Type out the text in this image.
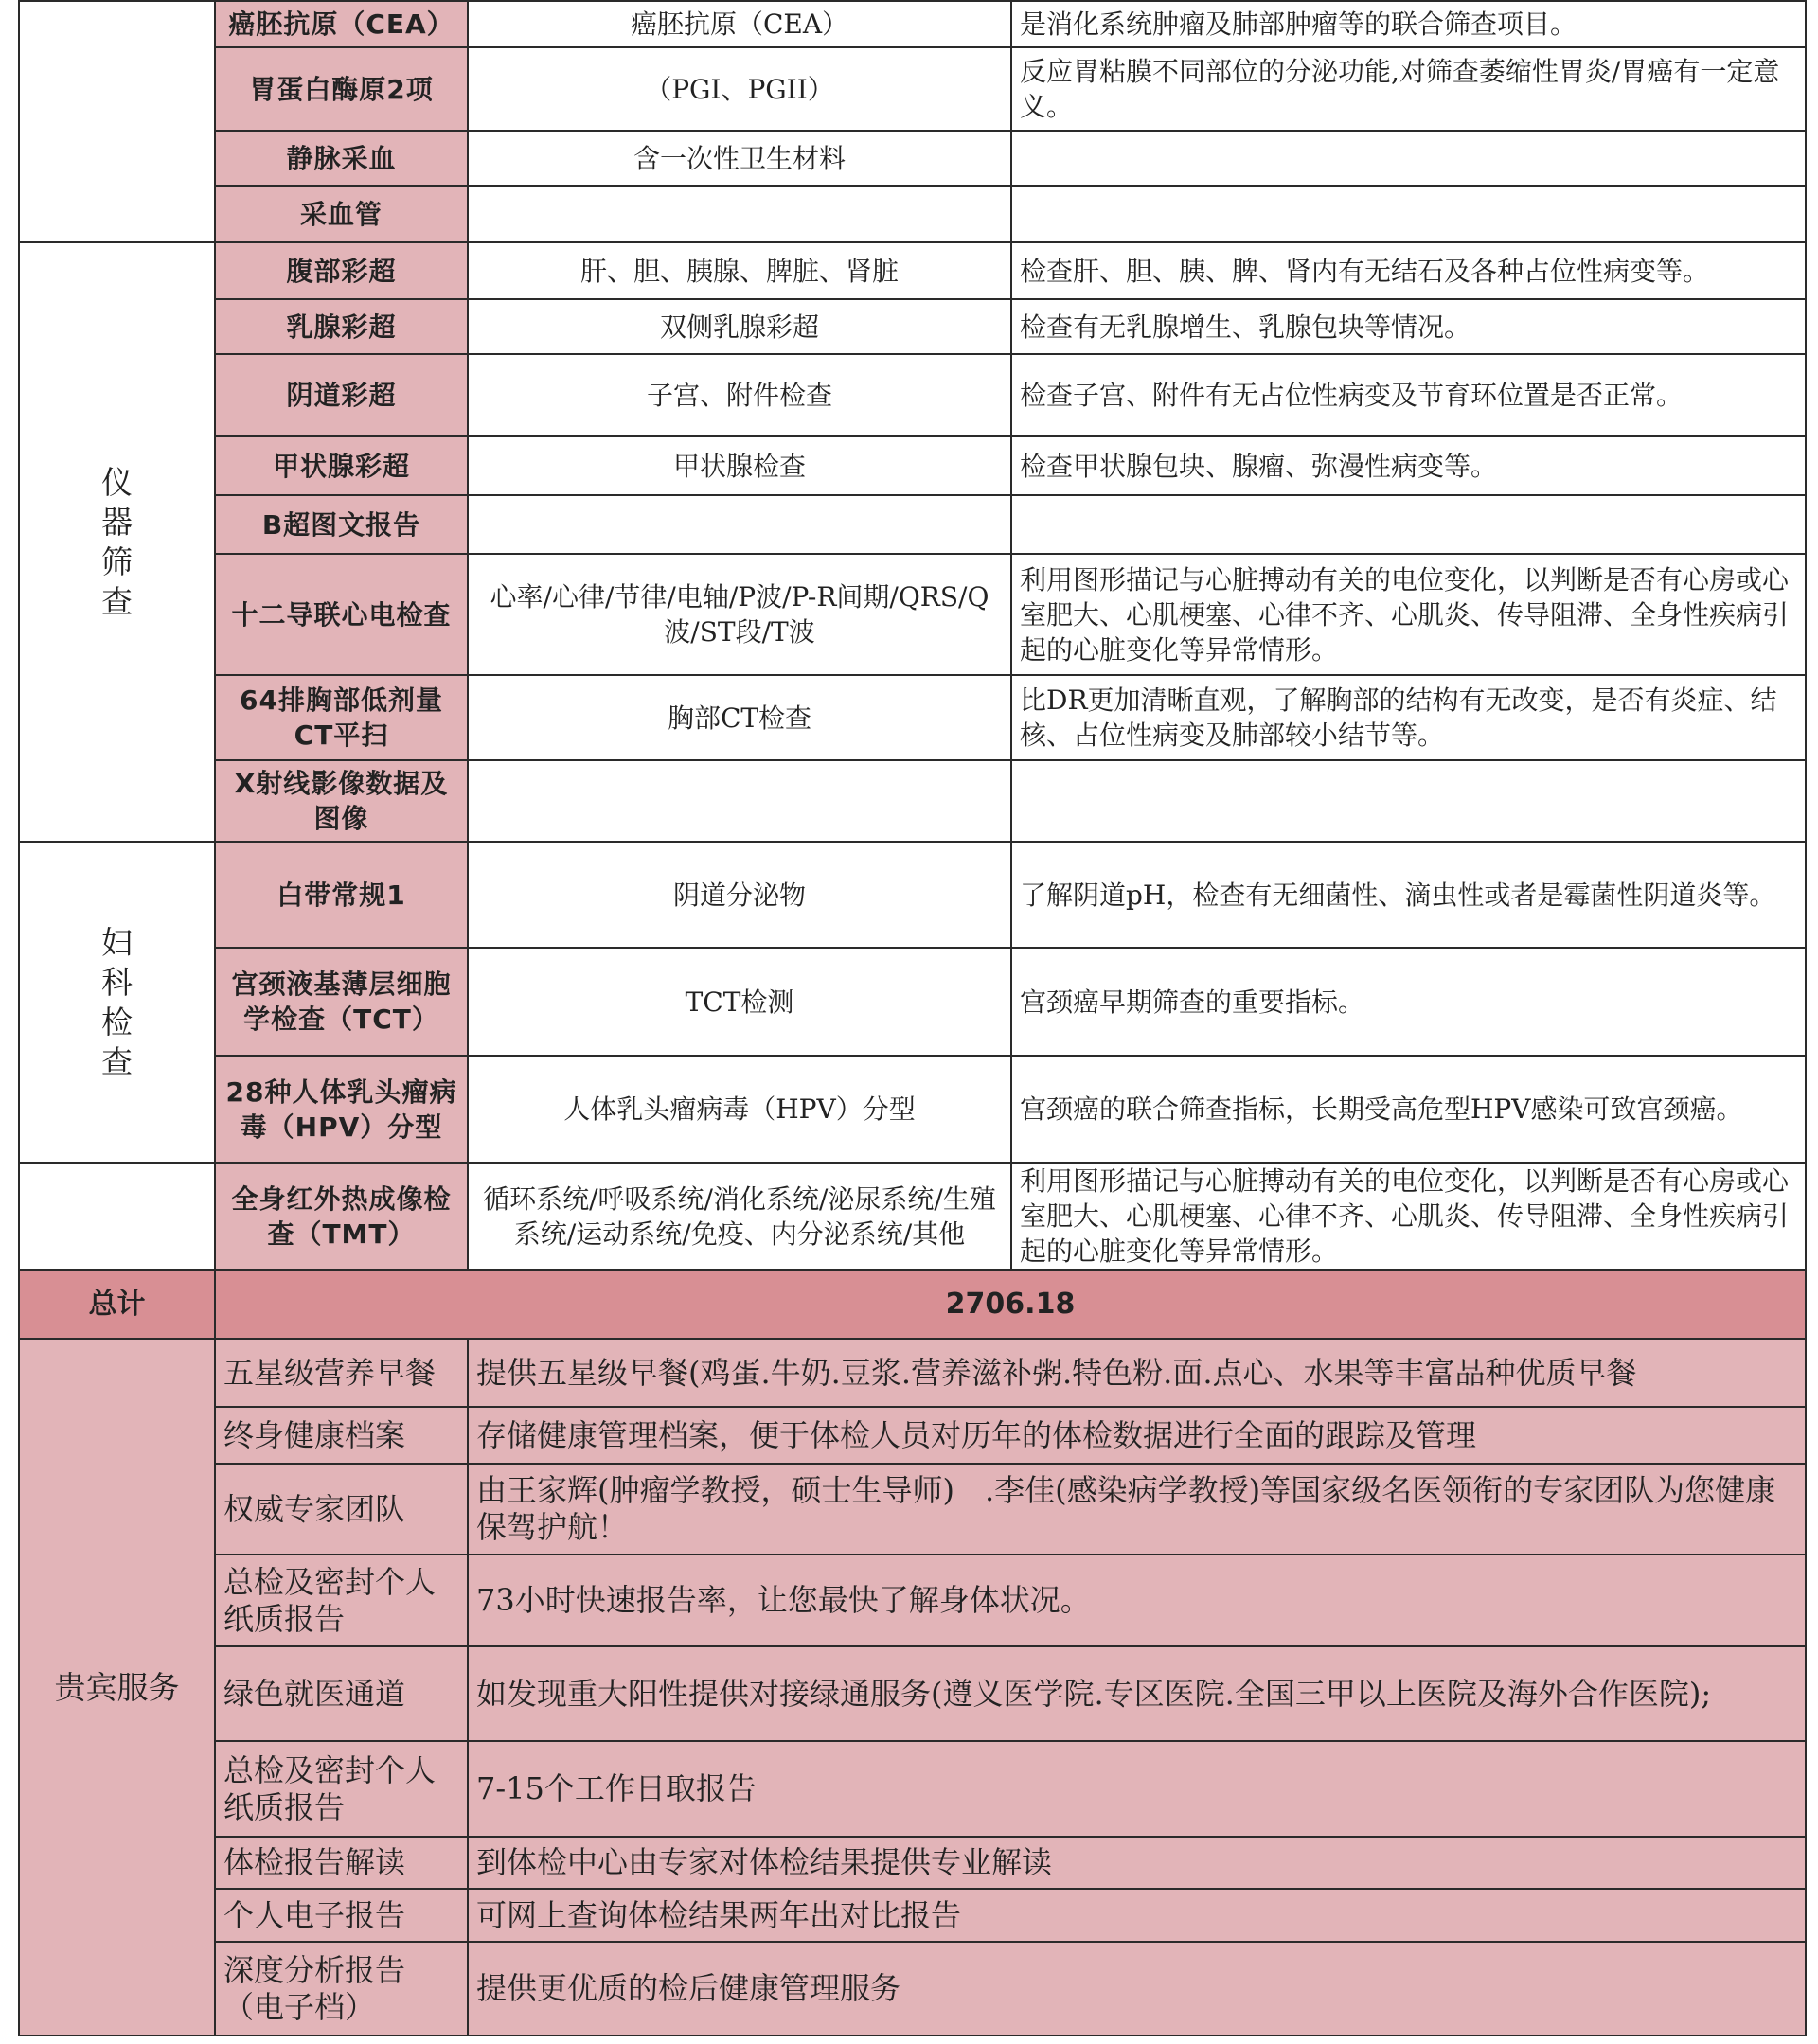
	癌胚抗原（CEA）	癌胚抗原（CEA）	是消化系统肿瘤及肺部肿瘤等的联合筛查项目。
	胃蛋白酶原2项	（PGI、PGII）	反应胃粘膜不同部位的分泌功能,对筛查萎缩性胃炎/胃癌有一定意义。
	静脉采血	含一次性卫生材料	
	采血管		
仪器筛查	腹部彩超	肝、胆、胰腺、脾脏、肾脏	检查肝、胆、胰、脾、肾内有无结石及各种占位性病变等。
	乳腺彩超	双侧乳腺彩超	检查有无乳腺增生、乳腺包块等情况。
	阴道彩超	子宫、附件检查	检查子宫、附件有无占位性病变及节育环位置是否正常。
	甲状腺彩超	甲状腺检查	检查甲状腺包块、腺瘤、弥漫性病变等。
	B超图文报告		
	十二导联心电检查	心率/心律/节律/电轴/P波/P-R间期/QRS/Q波/ST段/T波	利用图形描记与心脏搏动有关的电位变化，以判断是否有心房或心室肥大、心肌梗塞、心律不齐、心肌炎、传导阻滞、全身性疾病引起的心脏变化等异常情形。
	64排胸部低剂量CT平扫	胸部CT检查	比DR更加清晰直观，了解胸部的结构有无改变，是否有炎症、结核、占位性病变及肺部较小结节等。
	X射线影像数据及图像		
妇科检查	白带常规1	阴道分泌物	了解阴道pH，检查有无细菌性、滴虫性或者是霉菌性阴道炎等。
	宫颈液基薄层细胞学检查（TCT）	TCT检测	宫颈癌早期筛查的重要指标。
	28种人体乳头瘤病毒（HPV）分型	人体乳头瘤病毒（HPV）分型	宫颈癌的联合筛查指标，长期受高危型HPV感染可致宫颈癌。
	全身红外热成像检查（TMT）	循环系统/呼吸系统/消化系统/泌尿系统/生殖系统/运动系统/免疫、内分泌系统/其他	利用图形描记与心脏搏动有关的电位变化，以判断是否有心房或心室肥大、心肌梗塞、心律不齐、心肌炎、传导阻滞、全身性疾病引起的心脏变化等异常情形。
总计	2706.18		
贵宾服务	五星级营养早餐	提供五星级早餐(鸡蛋.牛奶.豆浆.营养滋补粥.特色粉.面.点心、水果等丰富品种优质早餐	
	终身健康档案	存储健康管理档案，便于体检人员对历年的体检数据进行全面的跟踪及管理	
	权威专家团队	由王家辉(肿瘤学教授，硕士生导师)　.李佳(感染病学教授)等国家级名医领衔的专家团队为您健康保驾护航！	
	总检及密封个人纸质报告	73小时快速报告率，让您最快了解身体状况。	
	绿色就医通道	如发现重大阳性提供对接绿通服务(遵义医学院.专区医院.全国三甲以上医院及海外合作医院);	
	总检及密封个人纸质报告	7-15个工作日取报告	
	体检报告解读	到体检中心由专家对体检结果提供专业解读	
	个人电子报告	可网上查询体检结果两年出对比报告	
	深度分析报告（电子档）	提供更优质的检后健康管理服务	
